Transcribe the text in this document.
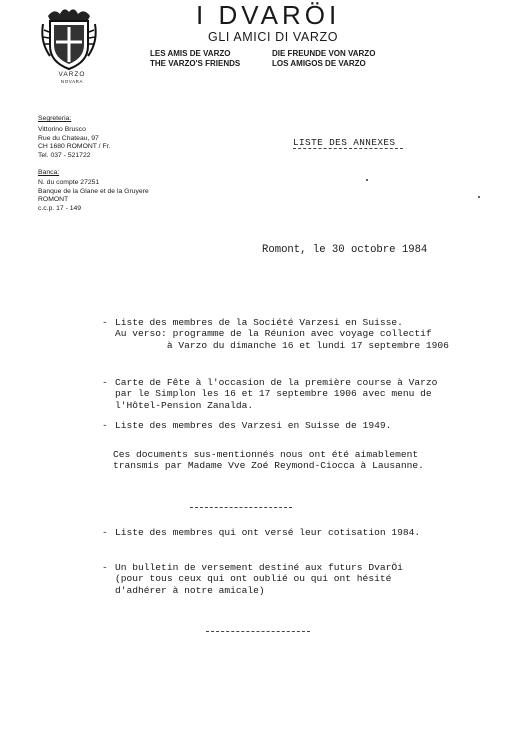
VARZO
NOVARA
I DVARÖI
GLI AMICI DI VARZO
LES AMIS DE VARZO
THE VARZO'S FRIENDS
DIE FREUNDE VON VARZO
LOS AMIGOS DE VARZO
Segreteria:
Vittorino Brusco
Rue du Chateau, 97
CH 1680 ROMONT / Fr.
Tel. 037 - 521722
Banca:
N. du compte 27251
Banque de la Glane et de la Gruyere
ROMONT
c.c.p. 17 - 149
LISTE DES ANNEXES
Romont, le 30 octobre 1984
- Liste des membres de la Société Varzesi en Suisse.
Au verso: programme de la Réunion avec voyage collectif
à Varzo du dimanche 16 et lundi 17 septembre 1906
- Carte de Fête à l'occasion de la première course à Varzo
par le Simplon les 16 et 17 septembre 1906 avec menu de
l'Hôtel-Pension Zanalda.
- Liste des membres des Varzesi en Suisse de 1949.
Ces documents sus-mentionnés nous ont été aimablement
transmis par Madame Vve Zoé Reymond-Ciocca à Lausanne.
- Liste des membres qui ont versé leur cotisation 1984.
- Un bulletin de versement destiné aux futurs DvarÖi
(pour tous ceux qui ont oublié ou qui ont hésité
d'adhérer à notre amicale)
